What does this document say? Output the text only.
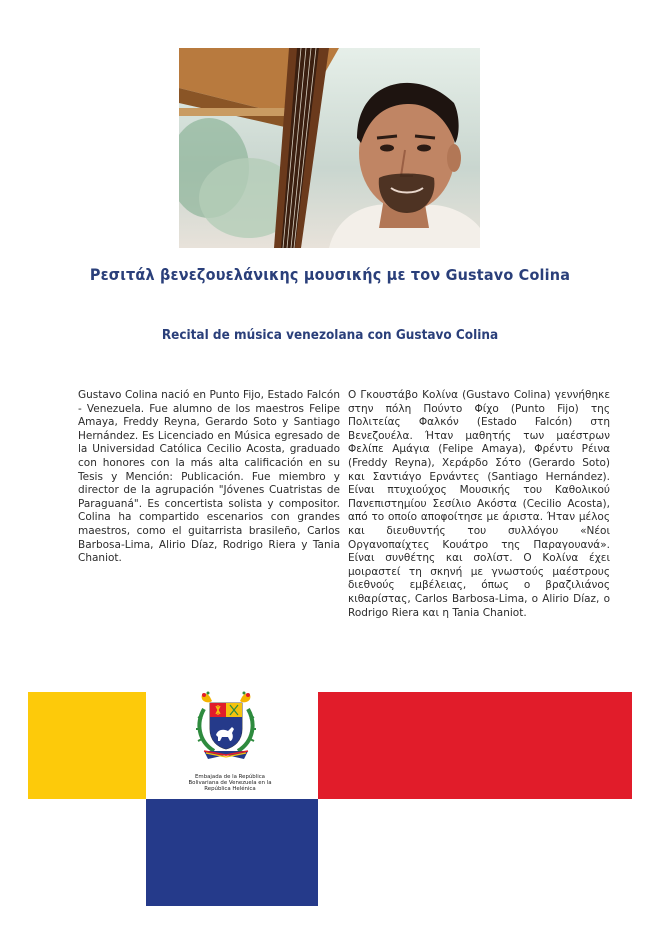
Ρεσιτάλ βενεζουελάνικης μουσικής με τον Gustavo Colina
Recital de música venezolana con Gustavo Colina
Gustavo Colina nació en Punto Fijo, Estado Falcón - Venezuela. Fue alumno de los maestros Felipe Amaya, Freddy Reyna, Gerardo Soto y Santiago Hernández. Es Licenciado en Música egresado de la Universidad Católica Cecilio Acosta, graduado con honores con la más alta calificación en su Tesis y Mención: Publicación. Fue miembro y director de la agrupación "Jóvenes Cuatristas de Paraguaná". Es concertista solista y compositor. Colina ha compartido escenarios con grandes maestros, como el guitarrista brasileño, Carlos Barbosa-Lima, Alirio Díaz, Rodrigo Riera y Tania Chaniot.
Ο Γκουστάβο Κολίνα (Gustavo Colina) γεννήθηκε στην πόλη Πούντο Φίχο (Punto Fijo) της Πολιτείας Φαλκόν (Estado Falcón) στη Βενεζουέλα. Ήταν μαθητής των μαέστρων Φελίπε Αμάγια (Felipe Amaya), Φρέντυ Ρέινα (Freddy Reyna), Χεράρδο Σότο (Gerardo Soto) και Σαντιάγο Ερνάντες (Santiago Hernández). Είναι πτυχιούχος Μουσικής του Καθολικού Πανεπιστημίου Σεσίλιο Ακόστα (Cecilio Acosta), από το οποίο αποφοίτησε με άριστα. Ήταν μέλος και διευθυντής του συλλόγου «Νέοι Οργανοπαίχτες Κουάτρο της Παραγουανά». Είναι συνθέτης και σολίστ. Ο Κολίνα έχει μοιραστεί τη σκηνή με γνωστούς μαέστρους διεθνούς εμβέλειας, όπως ο βραζιλιάνος κιθαρίστας, Carlos Barbosa-Lima, ο Alirio Díaz, ο Rodrigo Riera και η Tania Chaniot.
Embajada de la República
Bolivariana de Venezuela en la
República Helénica
